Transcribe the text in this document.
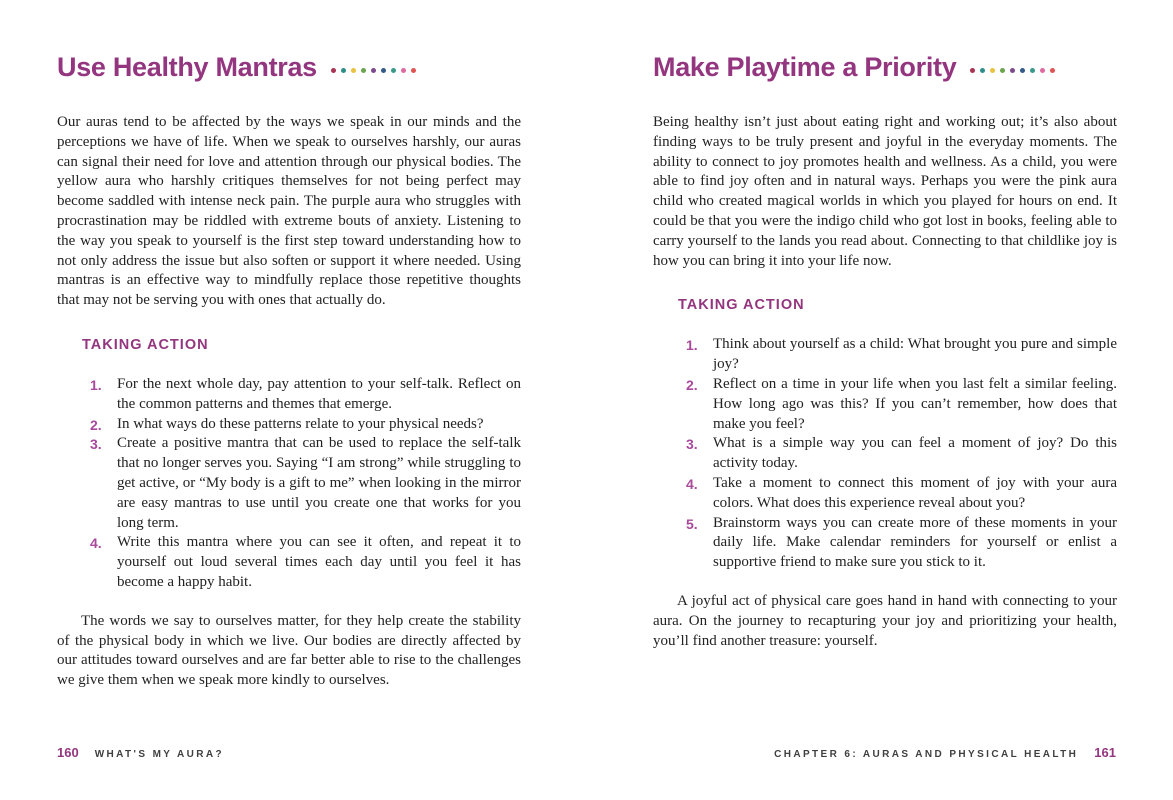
Use Healthy Mantras

Our auras tend to be affected by the ways we speak in our minds and the perceptions we have of life. When we speak to ourselves harshly, our auras can signal their need for love and attention through our physical bodies. The yellow aura who harshly critiques themselves for not being perfect may become saddled with intense neck pain. The purple aura who struggles with procrastination may be riddled with extreme bouts of anxiety. Listening to the way you speak to yourself is the first step toward understanding how to not only address the issue but also soften or support it where needed. Using mantras is an effective way to mindfully replace those repetitive thoughts that may not be serving you with ones that actually do.

TAKING ACTION
1. For the next whole day, pay attention to your self-talk. Reflect on the common patterns and themes that emerge.
2. In what ways do these patterns relate to your physical needs?
3. Create a positive mantra that can be used to replace the self-talk that no longer serves you. Saying “I am strong” while struggling to get active, or “My body is a gift to me” when looking in the mirror are easy mantras to use until you create one that works for you long term.
4. Write this mantra where you can see it often, and repeat it to yourself out loud several times each day until you feel it has become a happy habit.

The words we say to ourselves matter, for they help create the stability of the physical body in which we live. Our bodies are directly affected by our attitudes toward ourselves and are far better able to rise to the challenges we give them when we speak more kindly to ourselves.

Make Playtime a Priority

Being healthy isn’t just about eating right and working out; it’s also about finding ways to be truly present and joyful in the everyday moments. The ability to connect to joy promotes health and wellness. As a child, you were able to find joy often and in natural ways. Perhaps you were the pink aura child who created magical worlds in which you played for hours on end. It could be that you were the indigo child who got lost in books, feeling able to carry yourself to the lands you read about. Connecting to that childlike joy is how you can bring it into your life now.

TAKING ACTION
1. Think about yourself as a child: What brought you pure and simple joy?
2. Reflect on a time in your life when you last felt a similar feeling. How long ago was this? If you can’t remember, how does that make you feel?
3. What is a simple way you can feel a moment of joy? Do this activity today.
4. Take a moment to connect this moment of joy with your aura colors. What does this experience reveal about you?
5. Brainstorm ways you can create more of these moments in your daily life. Make calendar reminders for yourself or enlist a supportive friend to make sure you stick to it.

A joyful act of physical care goes hand in hand with connecting to your aura. On the journey to recapturing your joy and prioritizing your health, you’ll find another treasure: yourself.

160 WHAT'S MY AURA?	CHAPTER 6: AURAS AND PHYSICAL HEALTH 161
